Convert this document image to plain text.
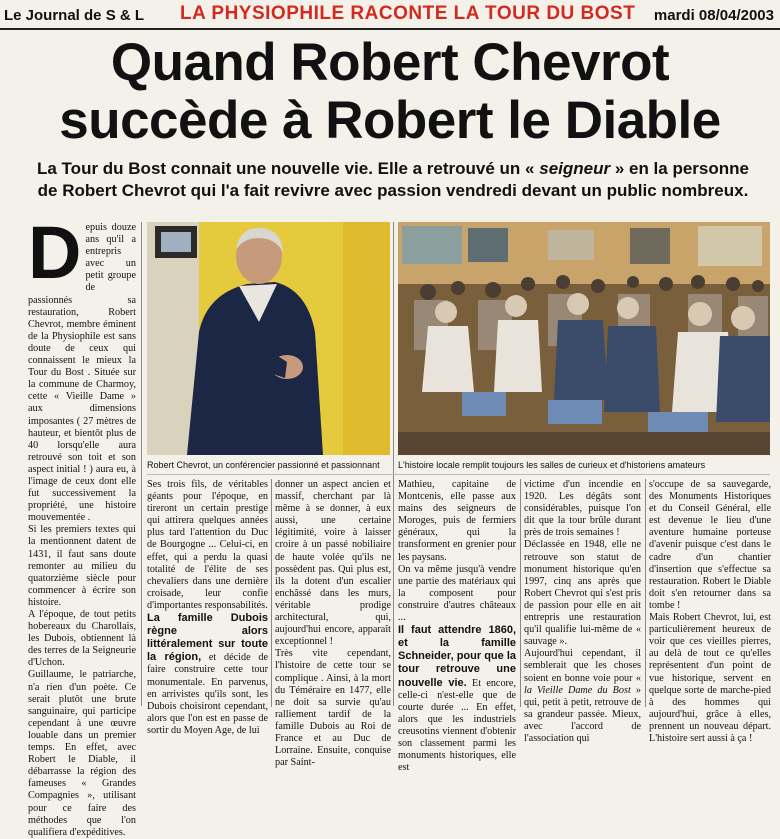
Le Journal de S & L LA PHYSIOPHILE RACONTE LA TOUR DU BOST mardi 08/04/2003
Quand Robert Chevrot
succède à Robert le Diable
La Tour du Bost connait une nouvelle vie. Elle a retrouvé un « seigneur » en la personne de Robert Chevrot qui l'a fait revivre avec passion vendredi devant un public nombreux.
D epuis douze ans qu'il a entrepris avec un petit groupe de passionnés sa restauration, Robert Chevrot, membre éminent de la Physiophile est sans doute de ceux qui connaissent le mieux la Tour du Bost . Située sur la commune de Charmoy, cette « Vieille Dame » aux dimensions imposantes ( 27 mètres de hauteur, et bientôt plus de 40 lorsqu'elle aura retrouvé son toit et son aspect initial ! ) aura eu, à l'image de ceux dont elle fut successivement la propriété, une histoire mouvementée .

Si les premiers textes qui la mentionnent datent de 1431, il faut sans doute remonter au milieu du quatorzième siècle pour commencer à écrire son histoire.

A l'époque, de tout petits hobereaux du Charollais, les Dubois, obtiennent là des terres de la Seigneurie d'Uchon.

Guillaume, le patriarche, n'a rien d'un poète. Ce serait plutôt une brute sanguinaire, qui participe cependant à une œuvre louable dans un premier temps. En effet, avec Robert le Diable, il débarrasse la région des fameuses « Grandes Compagnies », utilisant pour ce faire des méthodes que l'on qualifiera d'expéditives.

Robert Chevrot, un conférencier passionné et passionnant	L'histoire locale remplit toujours les salles de curieux et d'historiens amateurs

Ses trois fils, de véritables géants pour l'époque, en tireront un certain prestige qui attirera quelques années plus tard l'attention du Duc de Bourgogne ... Celui-ci, en effet, qui a perdu la quasi totalité de l'élite de ses chevaliers dans une dernière croisade, leur confie d'importantes responsabilités.

La famille Dubois règne alors littéralement sur toute la région,

et décide de faire construire cette tour monumentale. En parvenus, en arrivistes qu'ils sont, les Dubois choisiront cependant, alors que l'on est en passe de sortir du Moyen Age, de lui

donner un aspect ancien et massif, cherchant par là même à se donner, à eux aussi, une certaine légitimité, voire à laisser croire à un passé nobiliaire de haute volée qu'ils ne possèdent pas. Qui plus est, ils la dotent d'un escalier enchâssé dans les murs, véritable prodige architectural, qui, aujourd'hui encore, apparaît exceptionnel !

Très vite cependant, l'histoire de cette tour se complique . Ainsi, à la mort du Téméraire en 1477, elle ne doit sa survie qu'au ralliement tardif de la famille Dubois au Roi de France et au Duc de Lorraine. Ensuite, conquise par Saint-

Mathieu, capitaine de Montcenis, elle passe aux mains des seigneurs de Moroges, puis de fermiers généraux, qui la transforment en grenier pour les paysans.

On va même jusqu'à vendre une partie des matériaux qui la composent pour construire d'autres châteaux ...

Il faut attendre 1860, et la famille Schneider, pour que la tour retrouve une nouvelle vie.

Et encore, celle-ci n'est-elle que de courte durée ... En effet, alors que les industriels creusotins viennent d'obtenir son classement parmi les monuments historiques, elle est

victime d'un incendie en 1920. Les dégâts sont considérables, puisque l'on dit que la tour brûle durant près de trois semaines !

Déclassée en 1948, elle ne retrouve son statut de monument historique qu'en 1997, cinq ans après que Robert Chevrot qui s'est pris de passion pour elle en ait entrepris une restauration qu'il qualifie lui-même de « sauvage ».

Aujourd'hui cependant, il semblerait que les choses soient en bonne voie pour « la Vieille Dame du Bost » qui, petit à petit, retrouve de sa grandeur passée. Mieux, avec l'accord de l'association qui

s'occupe de sa sauvegarde, des Monuments Historiques et du Conseil Général, elle est devenue le lieu d'une aventure humaine porteuse d'avenir puisque c'est dans le cadre d'un chantier d'insertion que s'effectue sa restauration. Robert le Diable doit s'en retourner dans sa tombe !

Mais Robert Chevrot, lui, est particulièrement heureux de voir que ces vieilles pierres, au delà de tout ce qu'elles représentent d'un point de vue historique, servent en quelque sorte de marche-pied à des hommes qui aujourd'hui, grâce à elles, prennent un nouveau départ. L'histoire sert aussi à ça !
